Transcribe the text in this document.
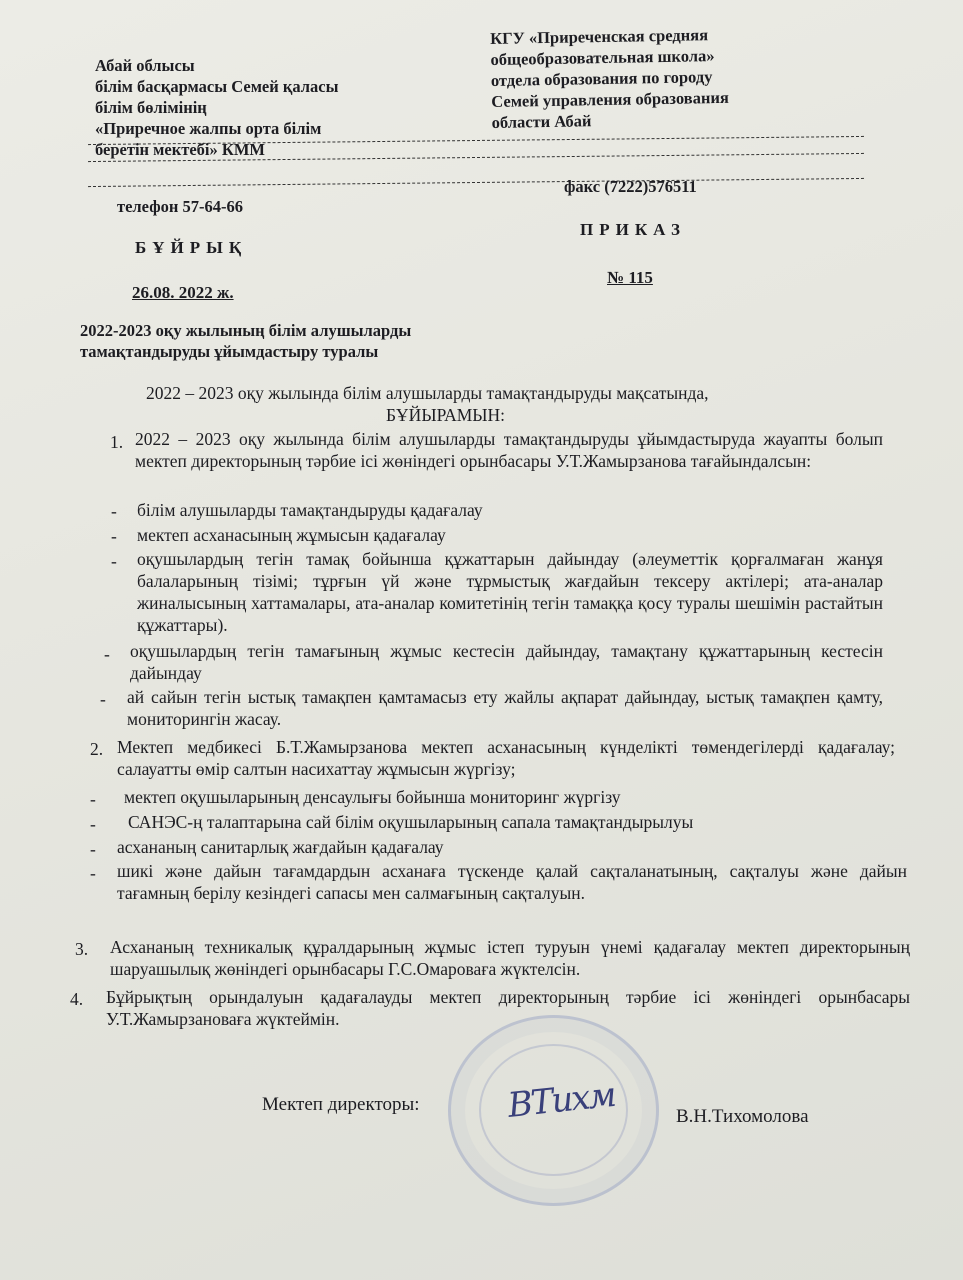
Абай облысы
білім басқармасы Семей қаласы
білім бөлімінің
«Приречное жалпы орта білім
беретін мектебі» КММ
КГУ «Приреченская средняя
общеобразовательная школа»
отдела образования по городу
Семей управления образования
области Абай
телефон 57-64-66
факс (7222)576511
БҰЙРЫҚ
ПРИКАЗ
26.08. 2022 ж.
№ 115
2022-2023 оқу жылының білім алушыларды
тамақтандыруды ұйымдастыру туралы
2022 – 2023 оқу жылында білім алушыларды тамақтандыруды мақсатында,
БҰЙЫРАМЫН:
1. 2022 – 2023 оқу жылында білім алушыларды тамақтандыруды ұйымдастыруда жауапты болып мектеп директорының тәрбие ісі жөніндегі орынбасары У.Т.Жамырзанова тағайындалсын:
- білім алушыларды тамақтандыруды қадағалау
- мектеп асханасының жұмысын қадағалау
- оқушылардың тегін тамақ бойынша құжаттарын дайындау (әлеуметтік қорғалмаған жанұя балаларының тізімі; тұрғын үй және тұрмыстық жағдайын тексеру актілері; ата-аналар жиналысының хаттамалары, ата-аналар комитетінің тегін тамаққа қосу туралы шешімін растайтын құжаттары).
- оқушылардың тегін тамағының жұмыс кестесін дайындау, тамақтану құжаттарының кестесін дайындау
- ай сайын тегін ыстық тамақпен қамтамасыз ету жайлы ақпарат дайындау, ыстық тамақпен қамту, мониторингін жасау.
2. Мектеп медбикесі Б.Т.Жамырзанова мектеп асханасының күнделікті төмендегілерді қадағалау; салауатты өмір салтын насихаттау жұмысын жүргізу;
- мектеп оқушыларының денсаулығы бойынша мониторинг жүргізу
- САНЭС-ң талаптарына сай білім оқушыларының сапала тамақтандырылуы
- асхананың санитарлық жағдайын қадағалау
- шикі және дайын тағамдардын асханаға түскенде қалай сақталанатының, сақталуы және дайын тағамның берілу кезіндегі сапасы мен салмағының сақталуын.
3. Асхананың техникалық құралдарының жұмыс істеп туруын үнемі қадағалау мектеп директорының шаруашылық жөніндегі орынбасары Г.С.Омароваға жүктелсін.
4. Бұйрықтың орындалуын қадағалауды мектеп директорының тәрбие ісі жөніндегі орынбасары У.Т.Жамырзановаға жүктеймін.
Мектеп директоры:	ВТихм	В.Н.Тихомолова
